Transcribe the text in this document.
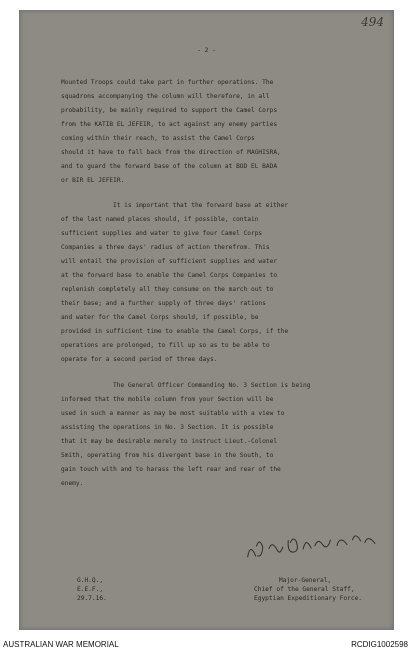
494
- 2 -
Mounted Troops could take part in further operations. The
squadrons accompanying the column will therefore, in all
probability, be mainly required to support the Camel Corps
from the KATIB EL JEFEIR, to act against any enemy parties
coming within their reach, to assist the Camel Corps
should it have to fall back from the direction of MAGHISRA,
and to guard the forward base of the column at BOD EL BADA
or BIR EL JEFEIR.
It is important that the forward base at either
of the last named places should, if possible, contain
sufficient supplies and water to give four Camel Corps
Companies a three days' radius of action therefrom. This
will entail the provision of sufficient supplies and water
at the forward base to enable the Camel Corps Companies to
replenish completely all they consume on the march out to
their base; and a further supply of three days' rations
and water for the Camel Corps should, if possible, be
provided in sufficient time to enable the Camel Corps, if the
operations are prolonged, to fill up so as to be able to
operate for a second period of three days.
The General Officer Commanding No. 3 Section is being
informed that the mobile column from your Section will be
used in such a manner as may be most suitable with a view to
assisting the operations in No. 3 Section. It is possible
that it may be desirable merely to instruct Lieut.-Colonel
Smith, operating from his divergent base in the South, to
gain touch with and to harass the left rear and rear of the
enemy.
G.H.Q.,
E.E.F.,
29.7.16.
Major-General,
Chief of the General Staff,
Egyptian Expeditionary Force.
AUSTRALIAN WAR MEMORIAL	RCDIG1002598
